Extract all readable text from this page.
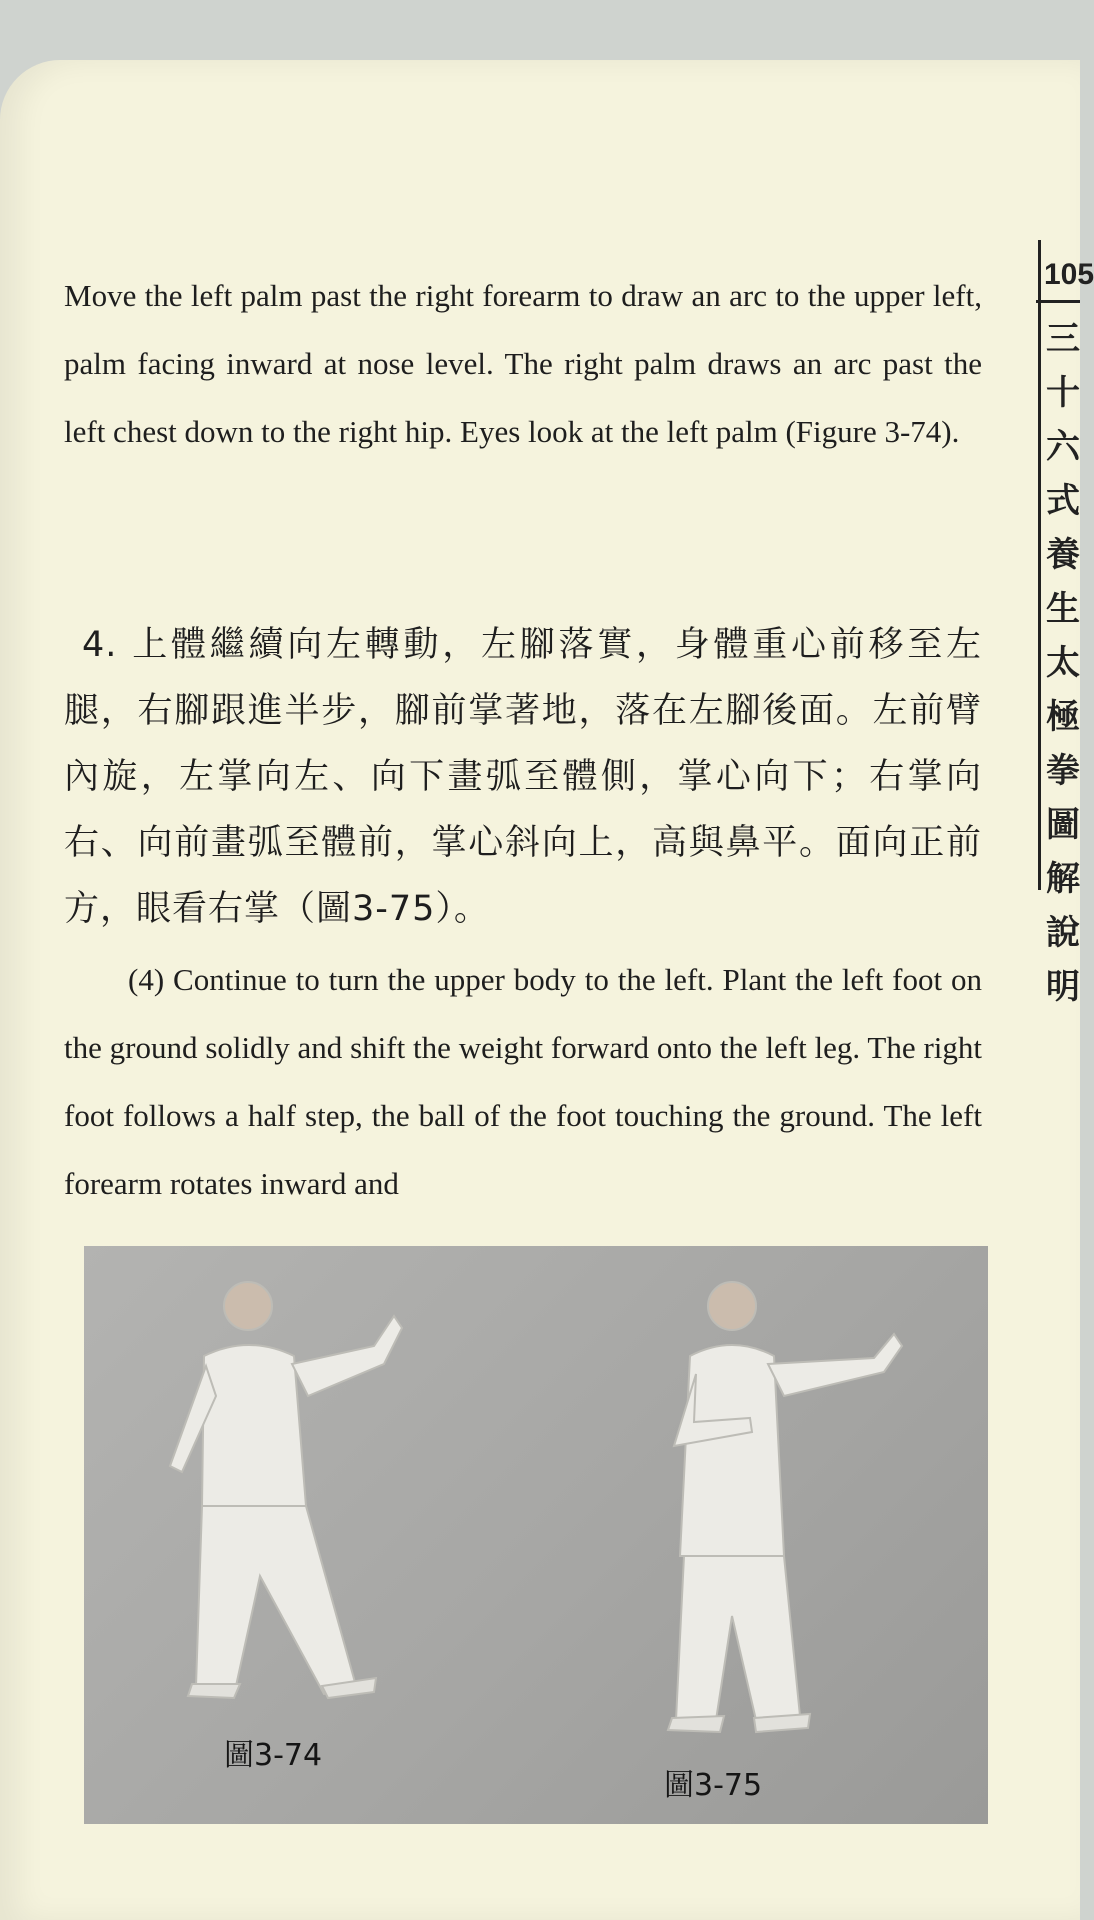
105
三十六式養生太極拳圖解說明

Move the left palm past the right forearm to draw an arc to the upper left, palm facing inward at nose level. The right palm draws an arc past the left chest down to the right hip. Eyes look at the left palm (Figure 3-74).

4. 上體繼續向左轉動，左腳落實，身體重心前移至左腿，右腳跟進半步，腳前掌著地，落在左腳後面。左前臂內旋，左掌向左、向下畫弧至體側，掌心向下；右掌向右、向前畫弧至體前，掌心斜向上，高與鼻平。面向正前方，眼看右掌（圖3-75）。

(4) Continue to turn the upper body to the left. Plant the left foot on the ground solidly and shift the weight forward onto the left leg. The right foot follows a half step, the ball of the foot touching the ground. The left forearm rotates inward and

圖3-74
圖3-75
